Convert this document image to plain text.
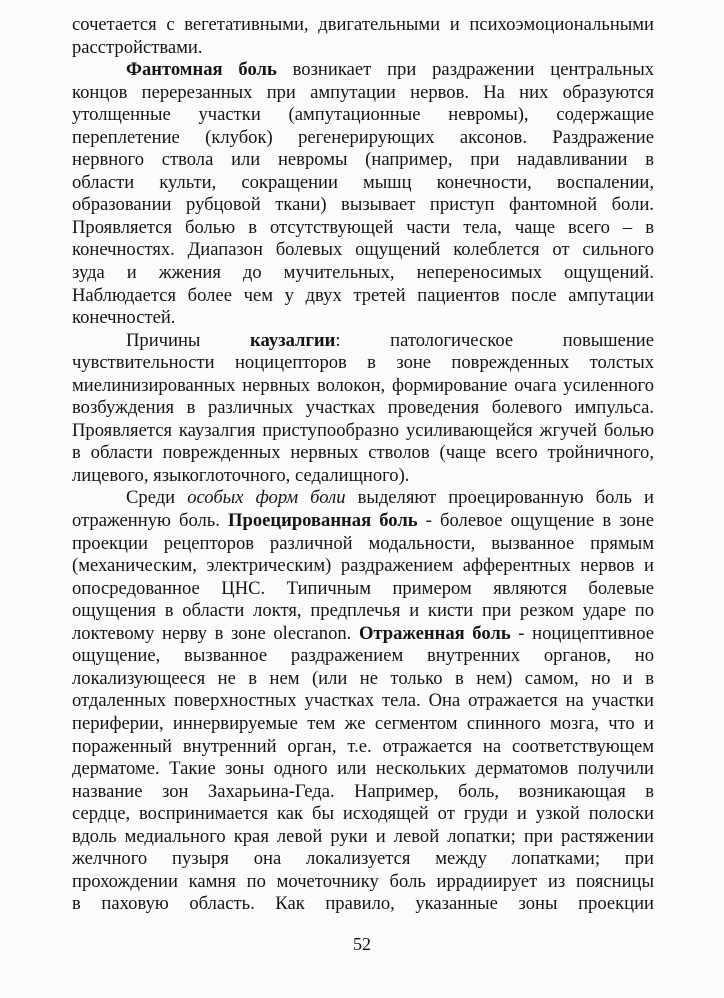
сочетается с вегетативными, двигательными и психоэмоциональными
расстройствами.
Фантомная боль возникает при раздражении центральных
концов перерезанных при ампутации нервов. На них образуются
утолщенные участки (ампутационные невромы), содержащие
переплетение (клубок) регенерирующих аксонов. Раздражение
нервного ствола или невромы (например, при надавливании в
области культи, сокращении мышц конечности, воспалении,
образовании рубцовой ткани) вызывает приступ фантомной боли.
Проявляется болью в отсутствующей части тела, чаще всего – в
конечностях. Диапазон болевых ощущений колеблется от сильного
зуда и жжения до мучительных, непереносимых ощущений.
Наблюдается более чем у двух третей пациентов после ампутации
конечностей.
Причины каузалгии: патологическое повышение
чувствительности ноцицепторов в зоне поврежденных толстых
миелинизированных нервных волокон, формирование очага усиленного
возбуждения в различных участках проведения болевого импульса.
Проявляется каузалгия приступообразно усиливающейся жгучей болью
в области поврежденных нервных стволов (чаще всего тройничного,
лицевого, языкоглоточного, седалищного).
Среди особых форм боли выделяют проецированную боль и
отраженную боль. Проецированная боль - болевое ощущение в зоне
проекции рецепторов различной модальности, вызванное прямым
(механическим, электрическим) раздражением афферентных нервов и
опосредованное ЦНС. Типичным примером являются болевые
ощущения в области локтя, предплечья и кисти при резком ударе по
локтевому нерву в зоне olecranon. Отраженная боль - ноцицептивное
ощущение, вызванное раздражением внутренних органов, но
локализующееся не в нем (или не только в нем) самом, но и в
отдаленных поверхностных участках тела. Она отражается на участки
периферии, иннервируемые тем же сегментом спинного мозга, что и
пораженный внутренний орган, т.е. отражается на соответствующем
дерматоме. Такие зоны одного или нескольких дерматомов получили
название зон Захарьина-Геда. Например, боль, возникающая в
сердце, воспринимается как бы исходящей от груди и узкой полоски
вдоль медиального края левой руки и левой лопатки; при растяжении
желчного пузыря она локализуется между лопатками; при
прохождении камня по мочеточнику боль иррадиирует из поясницы
в паховую область. Как правило, указанные зоны проекции
52
